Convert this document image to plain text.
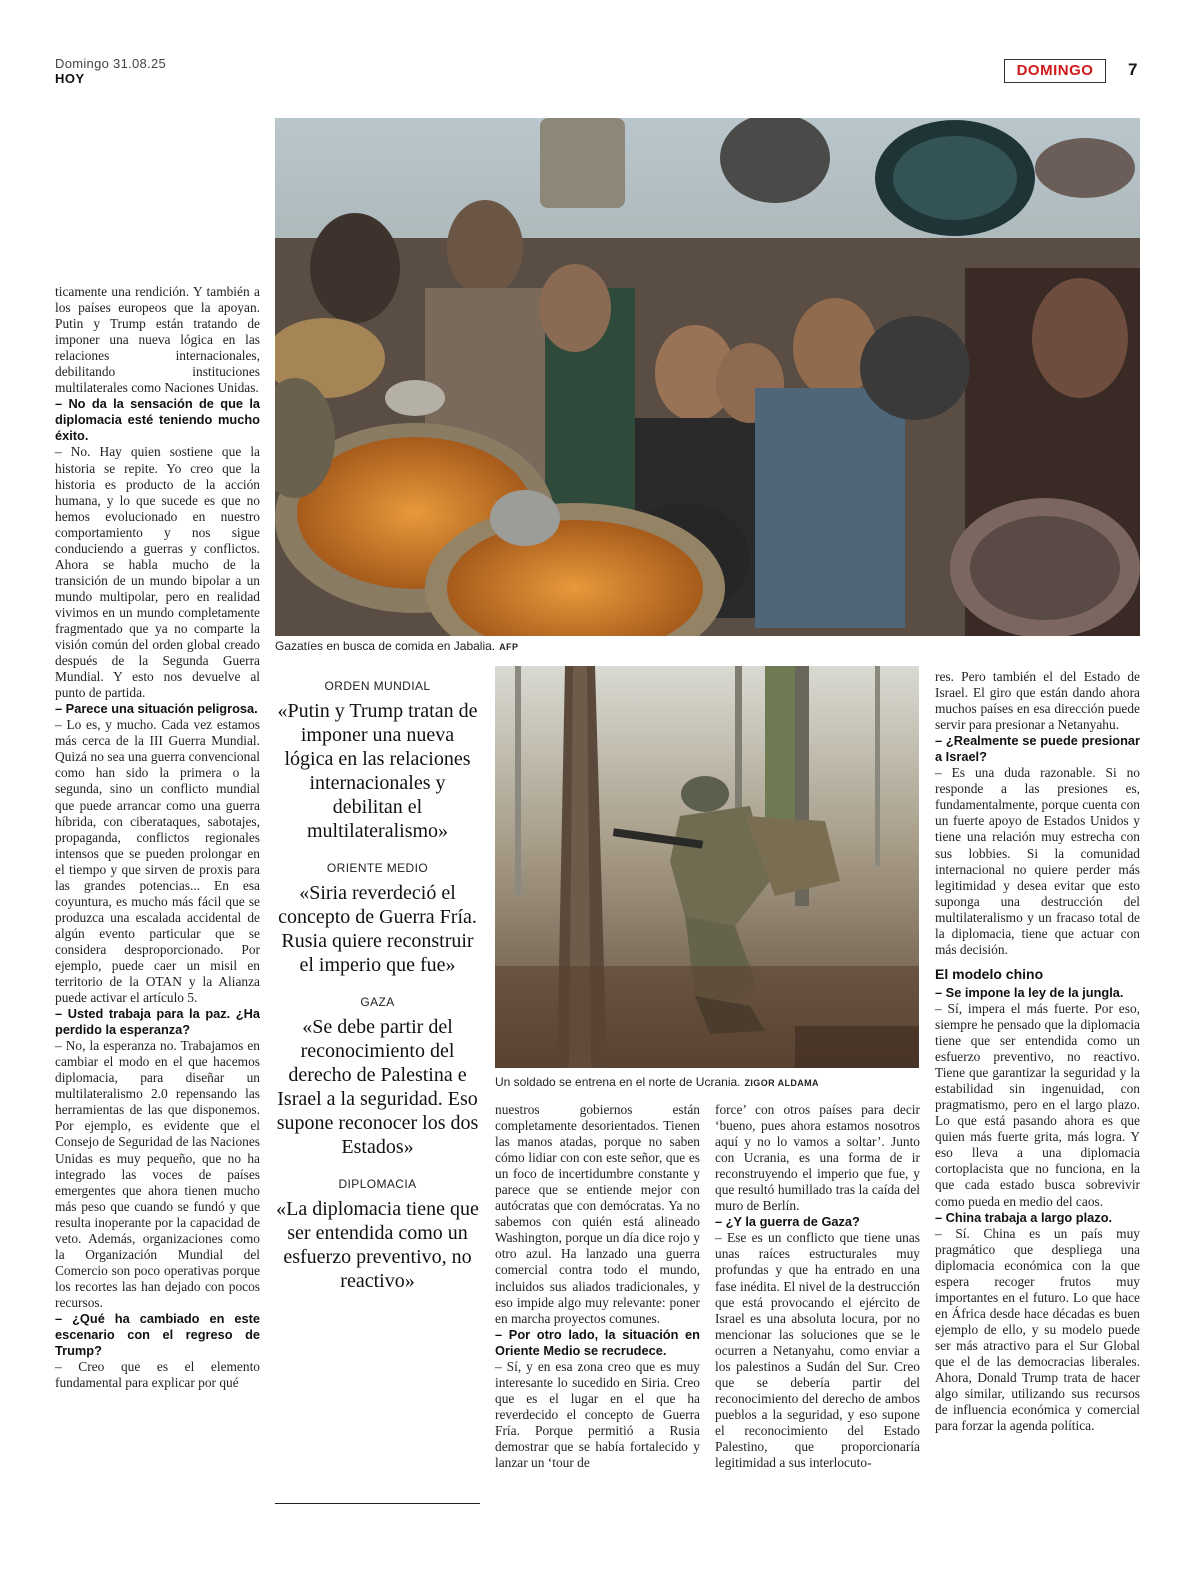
Domingo 31.08.25
HOY	DOMINGO	7
Gazatíes en busca de comida en Jabalia. AFP
ORDEN MUNDIAL
«Putin y Trump tratan de imponer una nueva lógica en las relaciones internacionales y debilitan el multilateralismo»
ORIENTE MEDIO
«Siria reverdeció el concepto de Guerra Fría. Rusia quiere reconstruir el imperio que fue»
GAZA
«Se debe partir del reconocimiento del derecho de Palestina e Israel a la seguridad. Eso supone reconocer los dos Estados»
DIPLOMACIA
«La diplomacia tiene que ser entendida como un esfuerzo preventivo, no reactivo»
Un soldado se entrena en el norte de Ucrania. ZIGOR ALDAMA

ticamente una rendición. Y también a los países europeos que la apoyan. Putin y Trump están tratando de imponer una nueva lógica en las relaciones internacionales, debilitando instituciones multilaterales como Naciones Unidas.

– No da la sensación de que la diplomacia esté teniendo mucho éxito.

– No. Hay quien sostiene que la historia se repite. Yo creo que la historia es producto de la acción humana, y lo que sucede es que no hemos evolucionado en nuestro comportamiento y nos sigue conduciendo a guerras y conflictos. Ahora se habla mucho de la transición de un mundo bipolar a un mundo multipolar, pero en realidad vivimos en un mundo completamente fragmentado que ya no comparte la visión común del orden global creado después de la Segunda Guerra Mundial. Y esto nos devuelve al punto de partida.

– Parece una situación peligrosa.

– Lo es, y mucho. Cada vez estamos más cerca de la III Guerra Mundial. Quizá no sea una guerra convencional como han sido la primera o la segunda, sino un conflicto mundial que puede arrancar como una guerra híbrida, con ciberataques, sabotajes, propaganda, conflictos regionales intensos que se pueden prolongar en el tiempo y que sirven de proxis para las grandes potencias... En esa coyuntura, es mucho más fácil que se produzca una escalada accidental de algún evento particular que se considera desproporcionado. Por ejemplo, puede caer un misil en territorio de la OTAN y la Alianza puede activar el artículo 5.

– Usted trabaja para la paz. ¿Ha perdido la esperanza?

– No, la esperanza no. Trabajamos en cambiar el modo en el que hacemos diplomacia, para diseñar un multilateralismo 2.0 repensando las herramientas de las que disponemos. Por ejemplo, es evidente que el Consejo de Seguridad de las Naciones Unidas es muy pequeño, que no ha integrado las voces de países emergentes que ahora tienen mucho más peso que cuando se fundó y que resulta inoperante por la capacidad de veto. Además, organizaciones como la Organización Mundial del Comercio son poco operativas porque los recortes las han dejado con pocos recursos.

– ¿Qué ha cambiado en este escenario con el regreso de Trump?

– Creo que es el elemento fundamental para explicar por qué

nuestros gobiernos están completamente desorientados. Tienen las manos atadas, porque no saben cómo lidiar con con este señor, que es un foco de incertidumbre constante y parece que se entiende mejor con autócratas que con demócratas. Ya no sabemos con quién está alineado Washington, porque un día dice rojo y otro azul. Ha lanzado una guerra comercial contra todo el mundo, incluidos sus aliados tradicionales, y eso impide algo muy relevante: poner en marcha proyectos comunes.

– Por otro lado, la situación en Oriente Medio se recrudece.

– Sí, y en esa zona creo que es muy interesante lo sucedido en Siria. Creo que es el lugar en el que ha reverdecido el concepto de Guerra Fría. Porque permitió a Rusia demostrar que se había fortalecido y lanzar un ‘tour de

force’ con otros países para decir ‘bueno, pues ahora estamos nosotros aquí y no lo vamos a soltar’. Junto con Ucrania, es una forma de ir reconstruyendo el imperio que fue, y que resultó humillado tras la caída del muro de Berlín.

– ¿Y la guerra de Gaza?

– Ese es un conflicto que tiene unas unas raíces estructurales muy profundas y que ha entrado en una fase inédita. El nivel de la destrucción que está provocando el ejército de Israel es una absoluta locura, por no mencionar las soluciones que se le ocurren a Netanyahu, como enviar a los palestinos a Sudán del Sur. Creo que se debería partir del reconocimiento del derecho de ambos pueblos a la seguridad, y eso supone el reconocimiento del Estado Palestino, que proporcionaría legitimidad a sus interlocuto-

res. Pero también el del Estado de Israel. El giro que están dando ahora muchos países en esa dirección puede servir para presionar a Netanyahu.

– ¿Realmente se puede presionar a Israel?

– Es una duda razonable. Si no responde a las presiones es, fundamentalmente, porque cuenta con un fuerte apoyo de Estados Unidos y tiene una relación muy estrecha con sus lobbies. Si la comunidad internacional no quiere perder más legitimidad y desea evitar que esto suponga una destrucción del multilateralismo y un fracaso total de la diplomacia, tiene que actuar con más decisión.

El modelo chino

– Se impone la ley de la jungla.

– Sí, impera el más fuerte. Por eso, siempre he pensado que la diplomacia tiene que ser entendida como un esfuerzo preventivo, no reactivo. Tiene que garantizar la seguridad y la estabilidad sin ingenuidad, con pragmatismo, pero en el largo plazo. Lo que está pasando ahora es que quien más fuerte grita, más logra. Y eso lleva a una diplomacia cortoplacista que no funciona, en la que cada estado busca sobrevivir como pueda en medio del caos.

– China trabaja a largo plazo.

– Sí. China es un país muy pragmático que despliega una diplomacia económica con la que espera recoger frutos muy importantes en el futuro. Lo que hace en África desde hace décadas es buen ejemplo de ello, y su modelo puede ser más atractivo para el Sur Global que el de las democracias liberales. Ahora, Donald Trump trata de hacer algo similar, utilizando sus recursos de influencia económica y comercial para forzar la agenda política.
